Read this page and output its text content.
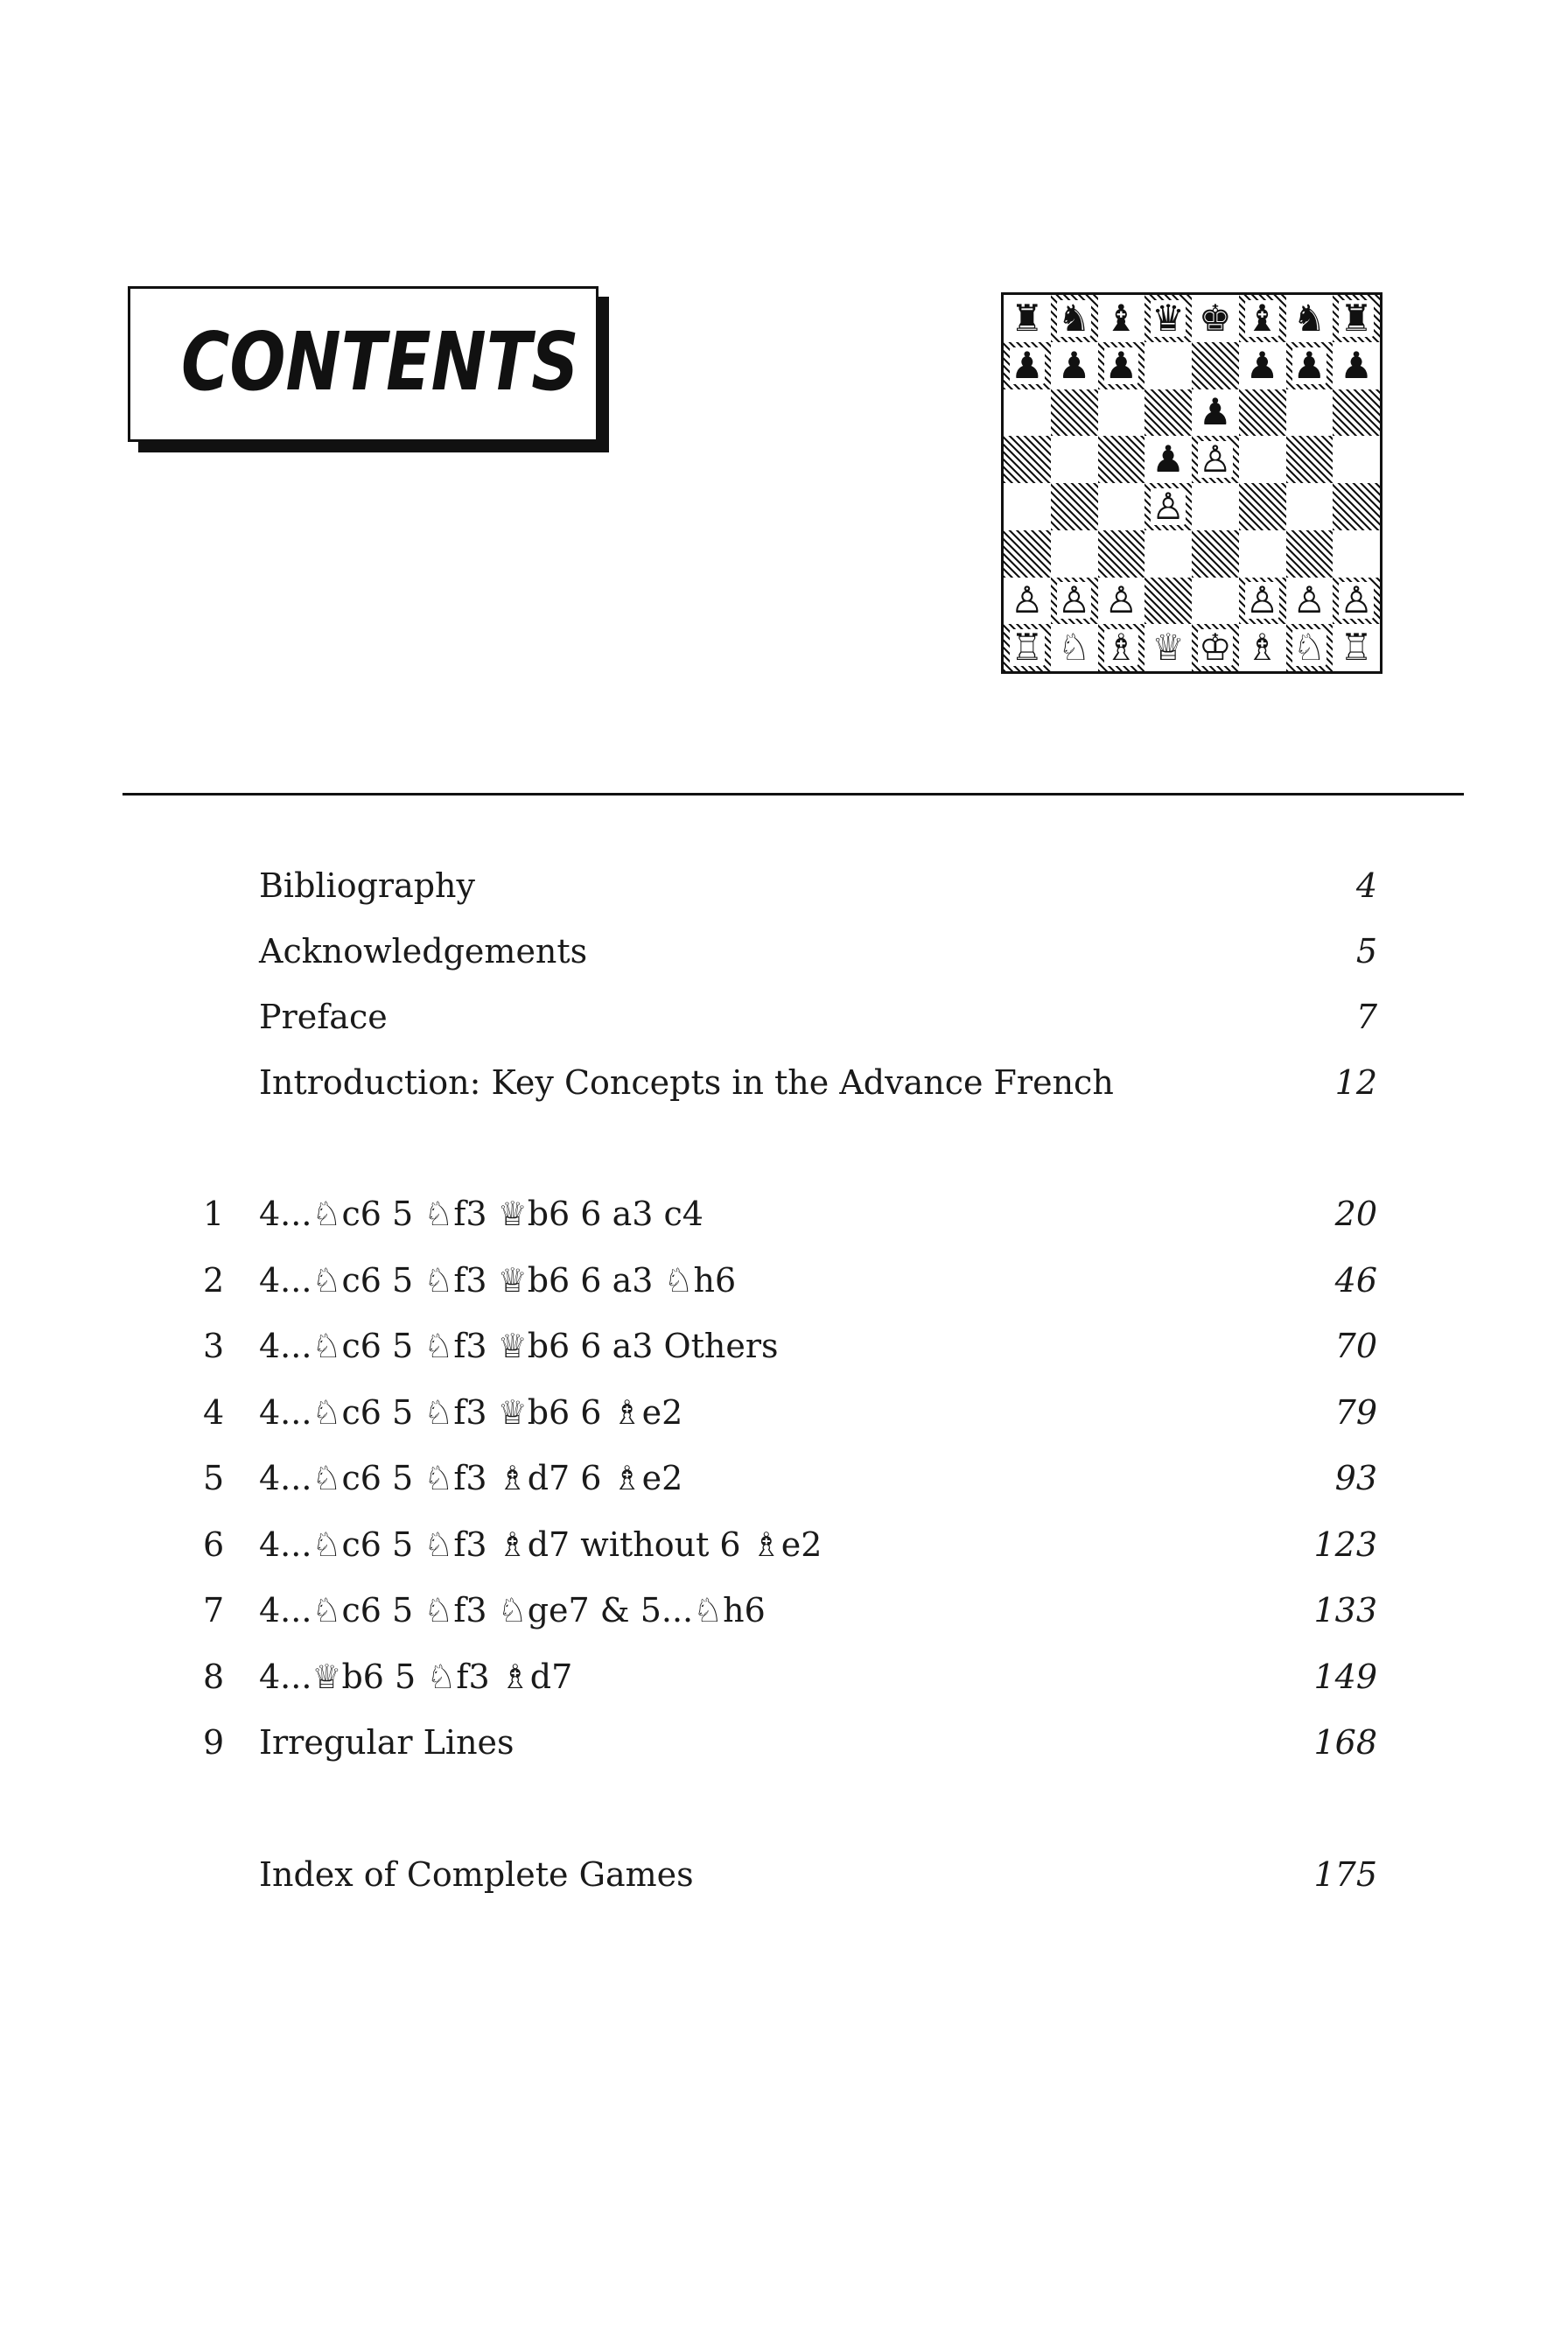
CONTENTS	♜ ♞ ♝ ♛ ♚ ♝ ♞ ♜
♟ ♟ ♟	♟ ♟ ♟
♟
♟ ♙
♙
♙ ♙ ♙	♙ ♙ ♙
♖ ♘ ♗ ♕ ♔ ♗ ♘ ♖
Bibliography	4
Acknowledgements	5
Preface	7
Introduction: Key Concepts in the Advance French	12
1	4...♘c6 5 ♘f3 ♕b6 6 a3 c4	20
2	4...♘c6 5 ♘f3 ♕b6 6 a3 ♘h6	46
3	4...♘c6 5 ♘f3 ♕b6 6 a3 Others	70
4	4...♘c6 5 ♘f3 ♕b6 6 ♗e2	79
5	4...♘c6 5 ♘f3 ♗d7 6 ♗e2	93
6	4...♘c6 5 ♘f3 ♗d7 without 6 ♗e2	123
7	4...♘c6 5 ♘f3 ♘ge7 & 5...♘h6	133
8	4...♕b6 5 ♘f3 ♗d7	149
9	Irregular Lines	168
Index of Complete Games	175
